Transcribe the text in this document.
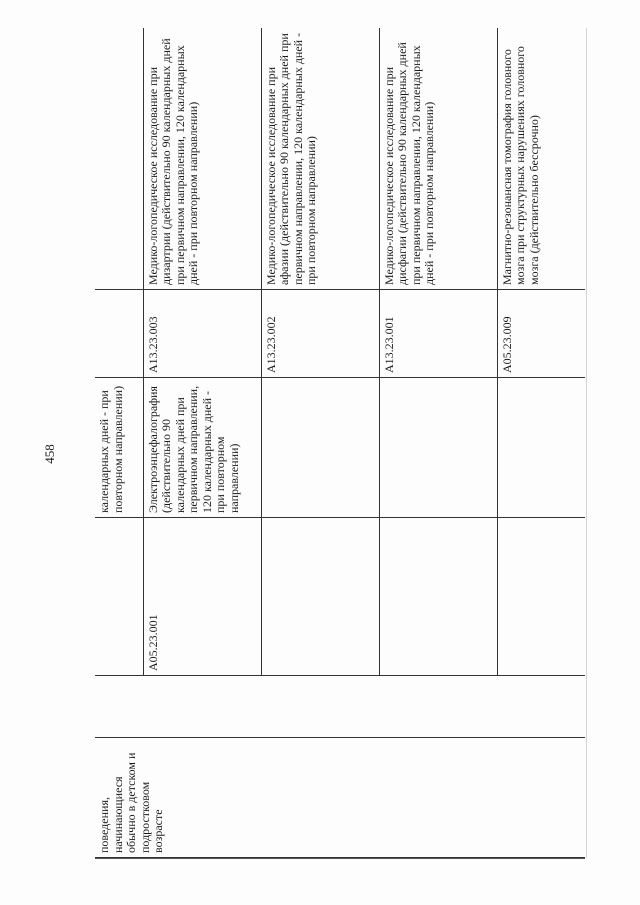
458
поведения, начинающиеся обычно в детском и подростковом возрасте			календарных дней - при повторном направлении)		
		A05.23.001	Электроэнцефалография (действительно 90 календарных дней при первичном направлении, 120 календарных дней - при повторном направлении)	A13.23.003	Медико-логопедическое исследование при дизартрии (действительно 90 календарных дней при первичном направлении, 120 календарных дней - при повторном направлении)
				A13.23.002	Медико-логопедическое исследование при афазии (действительно 90 календарных дней при первичном направлении, 120 календарных дней - при повторном направлении)
				A13.23.001	Медико-логопедическое исследование при дисфагии (действительно 90 календарных дней при первичном направлении, 120 календарных дней - при повторном направлении)
				A05.23.009	Магнитно-резонансная томография головного мозга при структурных нарушениях головного мозга (действительно бессрочно)
